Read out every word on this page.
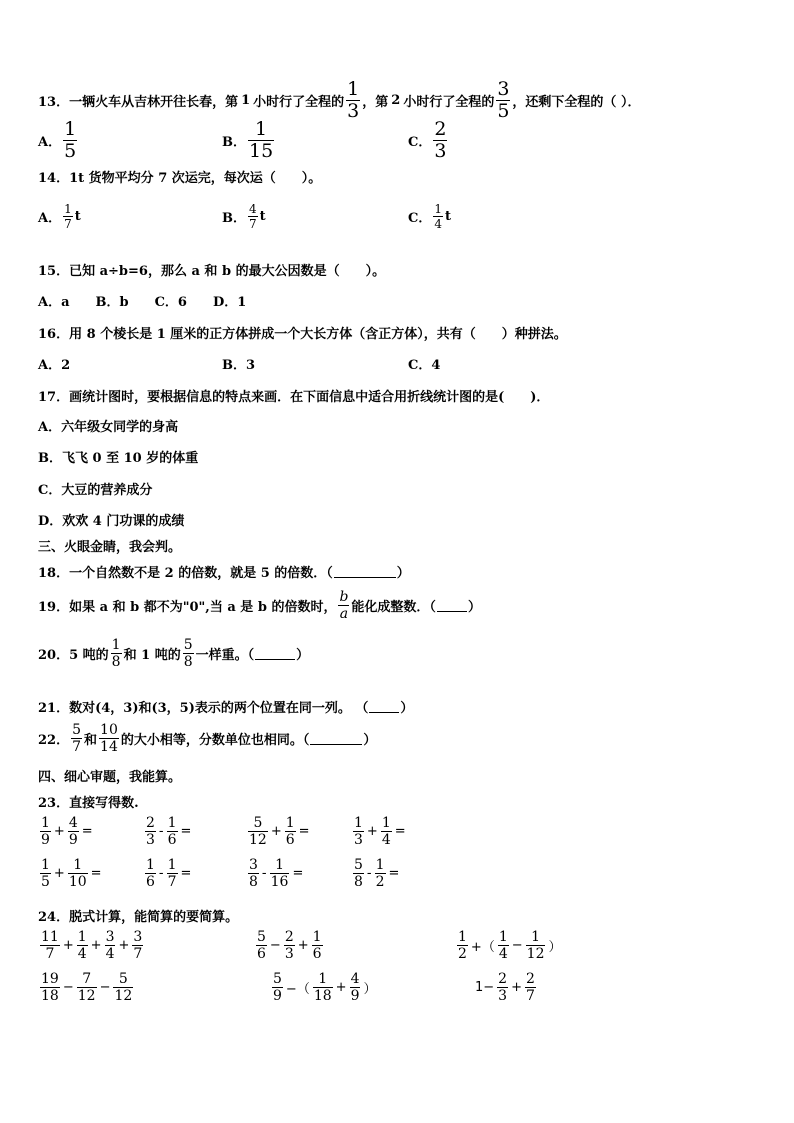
13．一辆火车从吉林开往长春，第 1 小时行了全程的 $\frac{1}{3}$ ，第 2 小时行了全程的 $\frac{3}{5}$ ，还剩下全程的（ ）．
A． $\frac{1}{5}$	B． $\frac{1}{15}$	C． $\frac{2}{3}$
14．1t 货物平均分 7 次运完，每次运（　　）。
A． $\frac{1}{7}$ t	B． $\frac{4}{7}$ t	C． $\frac{1}{4}$ t
15．已知 a÷b=6，那么 a 和 b 的最大公因数是（　　）。
A．a　　B．b　　C．6　　D．1
16．用 8 个棱长是 1 厘米的正方体拼成一个大长方体（含正方体），共有（　　）种拼法。
A．2	B．3	C．4
17．画统计图时，要根据信息的特点来画．在下面信息中适合用折线统计图的是(　　)．
A．六年级女同学的身高
B．飞飞 0 至 10 岁的体重
C．大豆的营养成分
D．欢欢 4 门功课的成绩
三、火眼金睛，我会判。
18．一个自然数不是 2 的倍数，就是 5 的倍数．（	）
19．如果 a 和 b 都不为"0",当 a 是 b 的倍数时， $\frac{b}{a}$ 能化成整数．（ ）
20．5 吨的 $\frac{1}{8}$ 和 1 吨的 $\frac{5}{8}$ 一样重。（	）
21．数对(4，3)和(3，5)表示的两个位置在同一列。 （ ）
22． $\frac{5}{7}$ 和 $\frac{10}{14}$ 的大小相等，分数单位也相同。（	）
四、细心审题，我能算。
23．直接写得数.
$\frac{1}{9} + \frac{4}{9}$ =	$\frac{2}{3} - \frac{1}{6}$ =	$\frac{5}{12} + \frac{1}{6}$ =	$\frac{1}{3} + \frac{1}{4}$ =
$\frac{1}{5} + \frac{1}{10}$ =	$\frac{1}{6} - \frac{1}{7}$ =	$\frac{3}{8} - \frac{1}{16}$ =	$\frac{5}{8} - \frac{1}{2}$ =
24．脱式计算，能简算的要简算。
$\frac{11}{7} + \frac{1}{4} + \frac{3}{4} + \frac{3}{7}$	$\frac{5}{6} - \frac{2}{3} + \frac{1}{6}$	$\frac{1}{2}$ +（ $\frac{1}{4} - \frac{1}{12}$ ）
$\frac{19}{18} - \frac{7}{12} - \frac{5}{12}$	$\frac{5}{9}$ −（ $\frac{1}{18} + \frac{4}{9}$ ）	$1- \frac{2}{3} + \frac{2}{7}$
